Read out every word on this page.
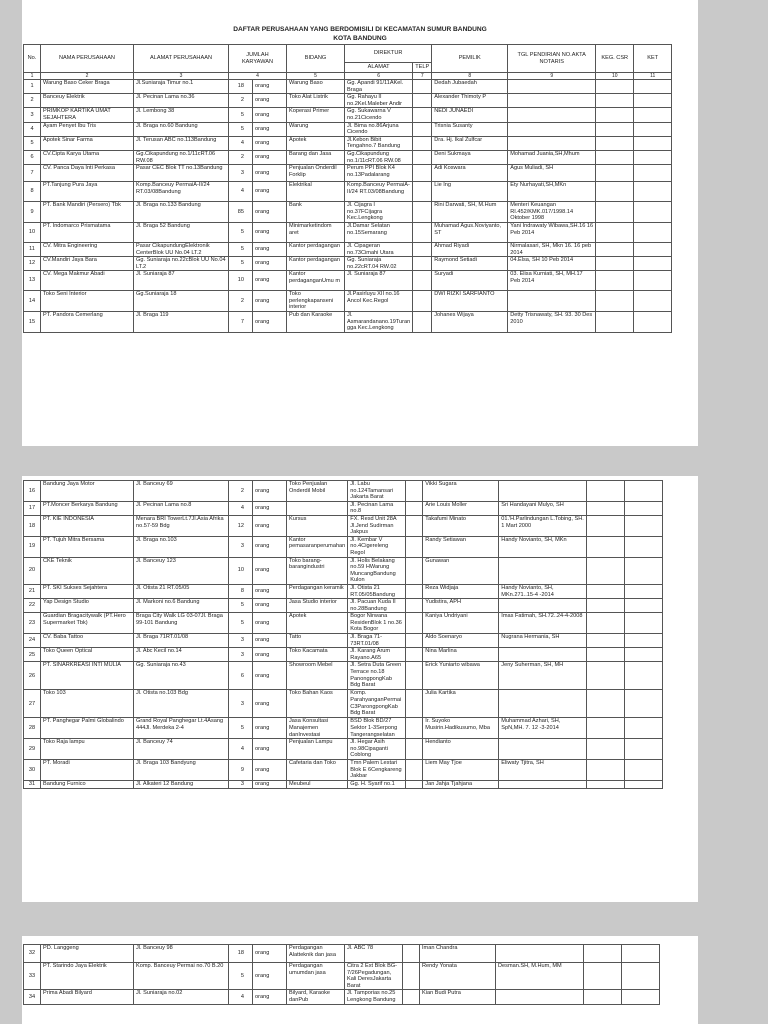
DAFTAR PERUSAHAAN YANG BERDOMISILI DI KECAMATAN SUMUR BANDUNG
KOTA BANDUNG
No.	NAMA PERUSAHAAN	ALAMAT PERUSAHAAN	JUMLAH KARYAWAN		BIDANG	DIREKTUR		PEMILIK	TGL PENDIRIAN NO.AKTA NOTARIS	KEG. CSR	KET
						ALAMAT	TELP				
1	2	3	4		5	6	7	8	9	10	11
1	Warung Baso Ceker Braga	Jl.Suniaraja Timur no.1	18	orang	Warung Baso	Gg. Apandi 91/11AKel. Braga		Dedah Jubaedah			
2	Banceuy Elektrik	Jl. Pecinan Lama no.36	2	orang	Toko Alat Listrik	Gg. Rahayu II no.2Kel.Maleber Andir		Alexander Thimoty P			
3	PRIMKOP KARTIKA UMAT SEJAHTERA	Jl. Lembong 38	5	orang	Koperasi Primer	Gg. Sukawarna V no.21Cicendo		NEDI JUNAEDI			
4	Ayam Penyet Ibu Tris	Jl. Braga no.60 Bandung	5	orang	Warung	Jl. Bima no.86Arjuna Cicendo		Trisnia Susanty			
5	Apotek Sinar Farma	Jl. Terusan ABC no.113Bandung	4	orang	Apotek	Jl.Kebon Bibit Tengahno.7 Bandung		Dra. Hj. Ikal Zulfcar			
6	CV.Cipta Karya Utama	Gg.Cikapundung no.1/11cRT.06 RW.08	2	orang	Barang dan Jasa	Gg.Cikapundung no.1/11cRT.06 RW.08		Deni Sukmaya	Mohamad Juania,SH,Mhum		
7	CV. Panca Daya Inti Perkasa	Pasar CEC Blok TT no.13Bandung	3	orang	Penjualan Onderdil Forklip	Perum PPI Blok K4 no.13Padalarang		Adi Koswara	Agus Muliadi, SH		
8	PT.Tanjung Pura Jaya	Komp.Banceuy PermaiA-II/24 RT.03/08Bandung	4	orang	Elektrikal	Komp.Banceuy PermaiA-II/24 RT.03/08Bandung		Lie Ing	Ety Nurhayati,SH,MKn		
9	PT. Bank Mandiri (Persero) Tbk	Jl. Braga no.133 Bandung	85	orang	Bank	Jl. Cijagra I no.37FCijagra Kec.Lengkong		Rini Darwati, SH, M.Hum	Menteri Keuangan RI.452/KMK.017/1998.14 Oktober 1998		
10	PT. Indomarco Prismatama	Jl. Braga 52 Bandung	5	orang	Minimarketindom aret	Jl.Damar Selatan no.15Semarang		Muhamad Agus.Noviyanto, ST	Yani Indrawaty Wibawa,SH.16 16 Peb 2014		
11	CV. Mitra Engineering	Pasar CikapundungElektronik CenterBlok UU No.04 LT.2	5	orang	Kantor perdagangan	Jl. Cipageran no.73Cimahi Utara		Ahmad Riyadi	Nirmalasari, SH, Mkn 16. 16 peb 2014		
12	CV.Mandiri Jaya Bara	Gg. Suniaraja no.22cBlok UU No.04 LT.2	5	orang	Kantor perdagangan	Gg. Suniaraja no.22cRT.04 RW.02		Raymond Setiadi	04.Elsa, SH 10 Peb 2014		
13	CV. Mega Makmur Abadi	Jl. Suniaraja 87	10	orang	Kantor perdaganganUmu m	Jl. Suniaraja 87		Suryadi	03. Elisa Kurniati, SH, MH.17 Peb 2014		
14	Toko Seni Interior	Gg.Suniaraja 18	2	orang	Toko perlengkapanseni interior	Jl.Pasirluyu XII no.16 Ancol Kec.Regol		DWI RIZKI SARFIANTO			
15	PT. Pandora Cemerlang	Jl. Braga 119	7	orang	Pub dan Karaoke	Jl. Asmarandanano.19Turan gga Kec.Lengkong		Johanes Wijaya	Detty Trisnawaty, SH. 93. 30 Des 2010		
16	Bandung Jaya Motor	Jl. Banceuy 69	2	orang	Toko Penjualan Onderdil Mobil	Jl. Labu no.124Tamansari Jakarta Barat		Vikki Sugara			
17	PT.Moncer Berkarya Bandung	Jl. Pecinan Lama no.8	4	orang		Jl. Pecinan Lama no.8		Arie Louis Moller	Sri Handayani Mulyo, SH		
18	PT. KIE INDONESIA	Menara BRI TowerLt.7Jl.Asia Afrika no.57-59 Bdg	12	orang	Kursus	FX. Resd Unit 28A Jl.Jend Sudirman Jakpus		Takafumi Minato	01.'H.Parlindungan L.Tobing, SH. 1 Mart 2000		
19	PT. Tujuh Mitra Bersama	Jl. Braga no.103	3	orang	Kantor pemasaranperumahan	Jl. Kembar V no.4Cigereleng Regol		Randy Setiawan	Handy Novianto, SH, MKn		
20	CKE Teknik	Jl. Banceuy 123	10	orang	Toko barang-barangindustri	Jl. Holis Belakang no.59 HWarung MuncangBandung Kulon		Gunawan			
21	PT. SKI Sukses Sejahtera	Jl. Otista 21 RT.05/05	8	orang	Perdagangan keramik	Jl. Otista 21 RT.05/05Bandung		Reza Widjaja	Handy Novianto, SH, MKn.271..15-4 -2014		
22	Yap Design Studio	Jl. Markoni no.6 Bandung	5	orang	Jasa Studio interior	Jl. Pacuan Kuda II no.28Bandung		Yudistira, APH			
23	Guardian Bragacitywalk (PT.Hero Supermarket Tbk)	Braga City Walk LG 03-07Jl. Braga 99-101 Bandung	5	orang	Apotek	Bogor Nirwana ResidenBlok 1 no.36 Kota Bogor		Kaniya Undriyani	Imas Fatimah, SH.72..24-4-2008		
24	CV. Baba Tattoo	Jl. Braga 71RT.01/08	3	orang	Tatto	Jl. Braga 71-73RT.01/08		Aldo Soenaryo	Nugrana Hermania, SH		
25	Toko Queen Optical	Jl. Abc Kecil no.14	3	orang	Toko Kacamata	Jl. Karang Arum Rayano.A65		Nina Marlina			
26	PT. SINARKREASI INTI MULIA	Gg. Suniaraja no.43	6	orang	Showroom Mebel	Jl. Setra Duta Green Terrace no.18 PanongpongKab Bdg Barat		Erick Yuniarto wibawa	Jeny Suherman, SH, MH		
27	Toko 103	Jl. Otista no.103 Bdg	3	orang	Toko Bahan Kaos	Komp. ParahyanganPermai C3ParongpongKab Bdg Barat		Julia Kartika			
28	PT. Panghegar Palmi Globalindo	Grand Royal Panghegar Lt.4Asang 444Jl. Merdeka 2-4	5	orang	Jasa Konsultasi Manajemen danInvestasi	BSD Blok BD/27 Sektor 1-3Serpong Tangerangselatan		Ir. Suyoko Musirin.Hadikusumo, Mba	Muhammad Azhari, SH, SpN,MH. 7. 12 -3-2014		
29	Toko Raja lampu	Jl. Banceuy 74	4	orang	Penjualan Lampu	Jl. Hegar Asih no.98Cipaganti Coblong		Hendianto			
30	PT. Moradi	Jl. Braga 103 Bandyung	9	orang	Cafetaria dan Toko	Tmn Palem Lestari Blok E 6Cengkareng Jakbar		Liem May Tjoe	Eliwaty Tjitra, SH		
31	Bandung Furnico	Jl. Alkateri 12 Bandung	3	orang	Meubeul	Gg. H. Syarif no.1		Jan Jahja Tjahjana			
32	PD. Langgeng	Jl. Banceuy 98	18	orang	Perdagangan Alatteknik dan jasa	Jl. ABC 78		Iman Chandra			
33	PT. Starindo Jaya Elektrik	Komp. Banceuy Permai no.70 B.20	5	orang	Perdagangan umumdan jasa	Citra 2 Ext Blok BG-7/26Pegadungan, Kali DeresJakarta Barat		Rendy Yonata	Desman.SH, M.Hum, MM		
34	Prima Abadi Bilyard	Jl. Suniaraja no.02	4	orang	Bilyard, Karaoke danPub	Jl. Tamporias no.25 Lengkong Bandung		Kian Budi Putra			
